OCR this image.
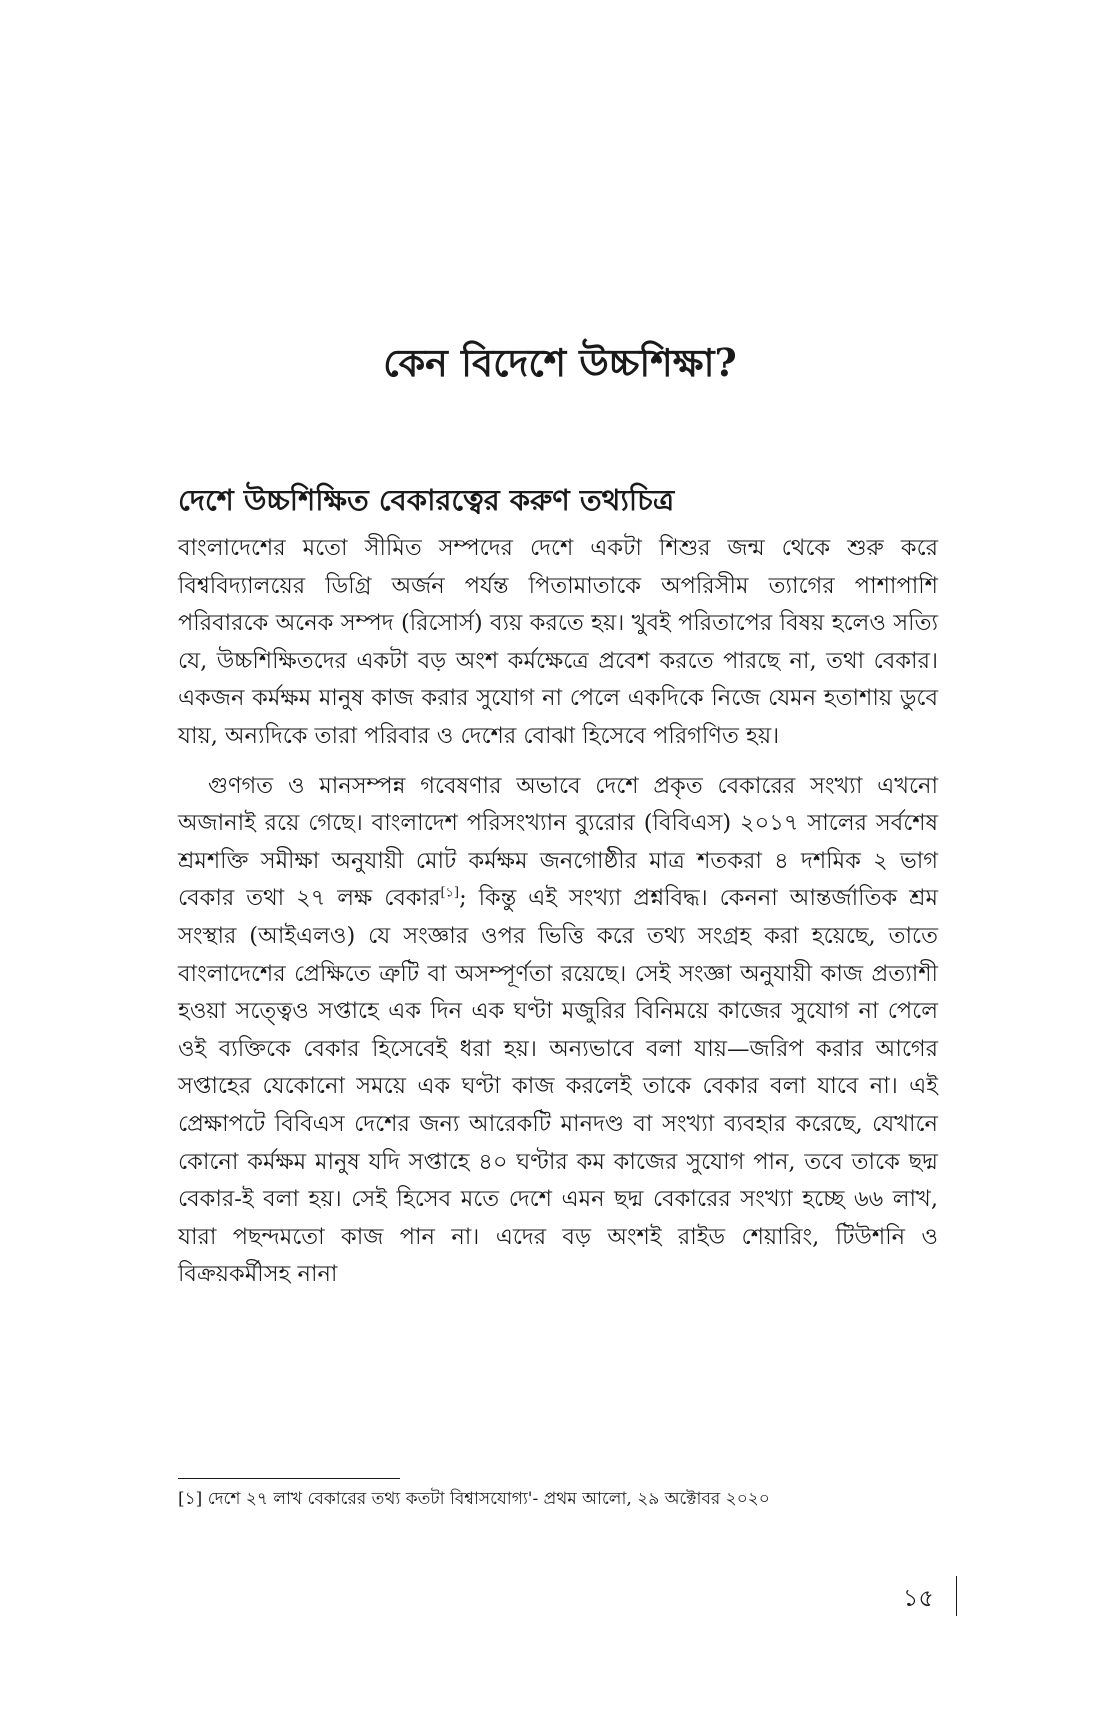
কেন বিদেশে উচ্চশিক্ষা?
দেশে উচ্চশিক্ষিত বেকারত্বের করুণ তথ্যচিত্র

বাংলাদেশের মতো সীমিত সম্পদের দেশে একটা শিশুর জন্ম থেকে শুরু করে বিশ্ববিদ্যালয়ের ডিগ্রি অর্জন পর্যন্ত পিতামাতাকে অপরিসীম ত্যাগের পাশাপাশি পরিবারকে অনেক সম্পদ (রিসোর্স) ব্যয় করতে হয়। খুবই পরিতাপের বিষয় হলেও সত্যি যে, উচ্চশিক্ষিতদের একটা বড় অংশ কর্মক্ষেত্রে প্রবেশ করতে পারছে না, তথা বেকার। একজন কর্মক্ষম মানুষ কাজ করার সুযোগ না পেলে একদিকে নিজে যেমন হতাশায় ডুবে যায়, অন্যদিকে তারা পরিবার ও দেশের বোঝা হিসেবে পরিগণিত হয়।

গুণগত ও মানসম্পন্ন গবেষণার অভাবে দেশে প্রকৃত বেকারের সংখ্যা এখনো অজানাই রয়ে গেছে। বাংলাদেশ পরিসংখ্যান ব্যুরোর (বিবিএস) ২০১৭ সালের সর্বশেষ শ্রমশক্তি সমীক্ষা অনুযায়ী মোট কর্মক্ষম জনগোষ্ঠীর মাত্র শতকরা ৪ দশমিক ২ ভাগ বেকার তথা ২৭ লক্ষ বেকার[১]; কিন্তু এই সংখ্যা প্রশ্নবিদ্ধ। কেননা আন্তর্জাতিক শ্রম সংস্থার (আইএলও) যে সংজ্ঞার ওপর ভিত্তি করে তথ্য সংগ্রহ করা হয়েছে, তাতে বাংলাদেশের প্রেক্ষিতে ত্রুটি বা অসম্পূর্ণতা রয়েছে। সেই সংজ্ঞা অনুযায়ী কাজ প্রত্যাশী হওয়া সত্ত্বেও সপ্তাহে এক দিন এক ঘণ্টা মজুরির বিনিময়ে কাজের সুযোগ না পেলে ওই ব্যক্তিকে বেকার হিসেবেই ধরা হয়। অন্যভাবে বলা যায়—জরিপ করার আগের সপ্তাহের যেকোনো সময়ে এক ঘণ্টা কাজ করলেই তাকে বেকার বলা যাবে না। এই প্রেক্ষাপটে বিবিএস দেশের জন্য আরেকটি মানদণ্ড বা সংখ্যা ব্যবহার করেছে, যেখানে কোনো কর্মক্ষম মানুষ যদি সপ্তাহে ৪০ ঘণ্টার কম কাজের সুযোগ পান, তবে তাকে ছদ্ম বেকার-ই বলা হয়। সেই হিসেব মতে দেশে এমন ছদ্ম বেকারের সংখ্যা হচ্ছে ৬৬ লাখ, যারা পছন্দমতো কাজ পান না। এদের বড় অংশই রাইড শেয়ারিং, টিউশনি ও বিক্রয়কর্মীসহ নানা

[১] দেশে ২৭ লাখ বেকারের তথ্য কতটা বিশ্বাসযোগ্য'- প্রথম আলো, ২৯ অক্টোবর ২০২০

১৫
